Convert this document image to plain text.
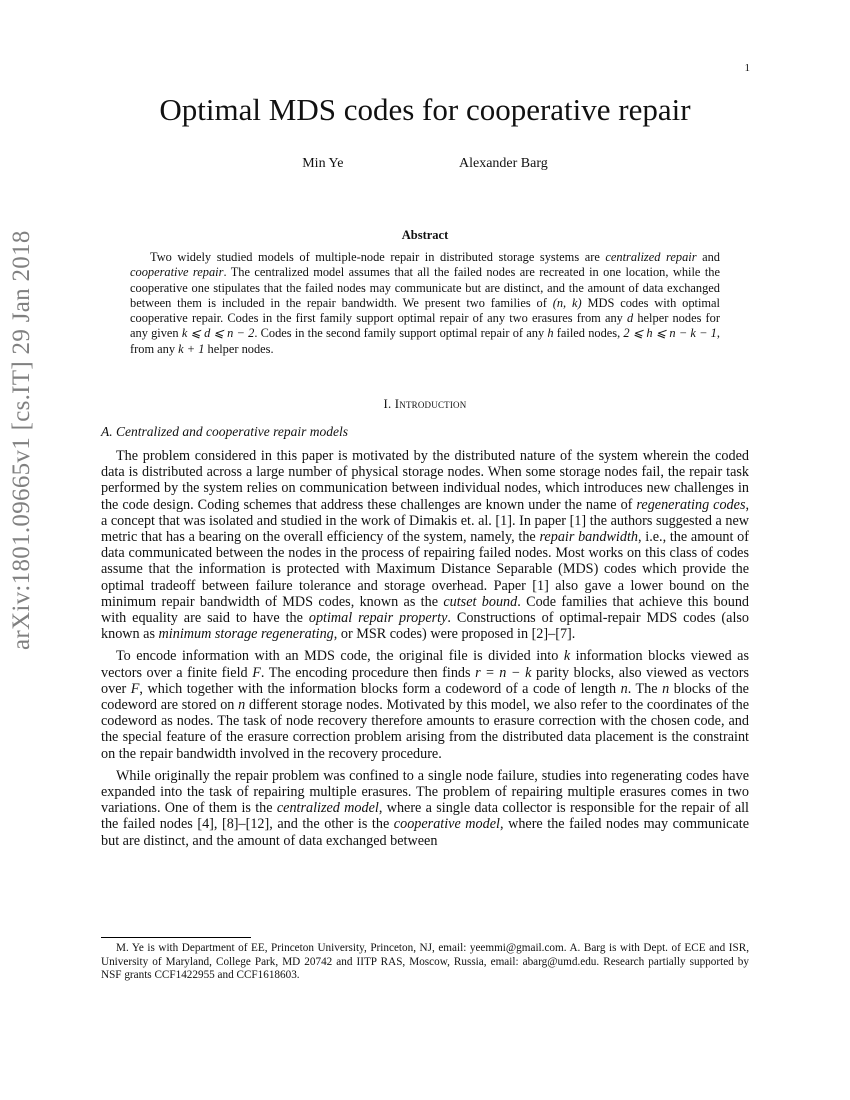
1
arXiv:1801.09665v1 [cs.IT] 29 Jan 2018
Optimal MDS codes for cooperative repair
Min Ye	Alexander Barg
Abstract

Two widely studied models of multiple-node repair in distributed storage systems are centralized repair and cooperative repair. The centralized model assumes that all the failed nodes are recreated in one location, while the cooperative one stipulates that the failed nodes may communicate but are distinct, and the amount of data exchanged between them is included in the repair bandwidth. We present two families of (n, k) MDS codes with optimal cooperative repair. Codes in the first family support optimal repair of any two erasures from any d helper nodes for any given k ⩽ d ⩽ n − 2. Codes in the second family support optimal repair of any h failed nodes, 2 ⩽ h ⩽ n − k − 1, from any k + 1 helper nodes.

I. Introduction
A. Centralized and cooperative repair models

The problem considered in this paper is motivated by the distributed nature of the system wherein the coded data is distributed across a large number of physical storage nodes. When some storage nodes fail, the repair task performed by the system relies on communication between individual nodes, which introduces new challenges in the code design. Coding schemes that address these challenges are known under the name of regenerating codes, a concept that was isolated and studied in the work of Dimakis et. al. [1]. In paper [1] the authors suggested a new metric that has a bearing on the overall efficiency of the system, namely, the repair bandwidth, i.e., the amount of data communicated between the nodes in the process of repairing failed nodes. Most works on this class of codes assume that the information is protected with Maximum Distance Separable (MDS) codes which provide the optimal tradeoff between failure tolerance and storage overhead. Paper [1] also gave a lower bound on the minimum repair bandwidth of MDS codes, known as the cutset bound. Code families that achieve this bound with equality are said to have the optimal repair property. Constructions of optimal-repair MDS codes (also known as minimum storage regenerating, or MSR codes) were proposed in [2]–[7].

To encode information with an MDS code, the original file is divided into k information blocks viewed as vectors over a finite field F. The encoding procedure then finds r = n − k parity blocks, also viewed as vectors over F, which together with the information blocks form a codeword of a code of length n. The n blocks of the codeword are stored on n different storage nodes. Motivated by this model, we also refer to the coordinates of the codeword as nodes. The task of node recovery therefore amounts to erasure correction with the chosen code, and the special feature of the erasure correction problem arising from the distributed data placement is the constraint on the repair bandwidth involved in the recovery procedure.

While originally the repair problem was confined to a single node failure, studies into regenerating codes have expanded into the task of repairing multiple erasures. The problem of repairing multiple erasures comes in two variations. One of them is the centralized model, where a single data collector is responsible for the repair of all the failed nodes [4], [8]–[12], and the other is the cooperative model, where the failed nodes may communicate but are distinct, and the amount of data exchanged between

M. Ye is with Department of EE, Princeton University, Princeton, NJ, email: yeemmi@gmail.com. A. Barg is with Dept. of ECE and ISR, University of Maryland, College Park, MD 20742 and IITP RAS, Moscow, Russia, email: abarg@umd.edu. Research partially supported by NSF grants CCF1422955 and CCF1618603.
